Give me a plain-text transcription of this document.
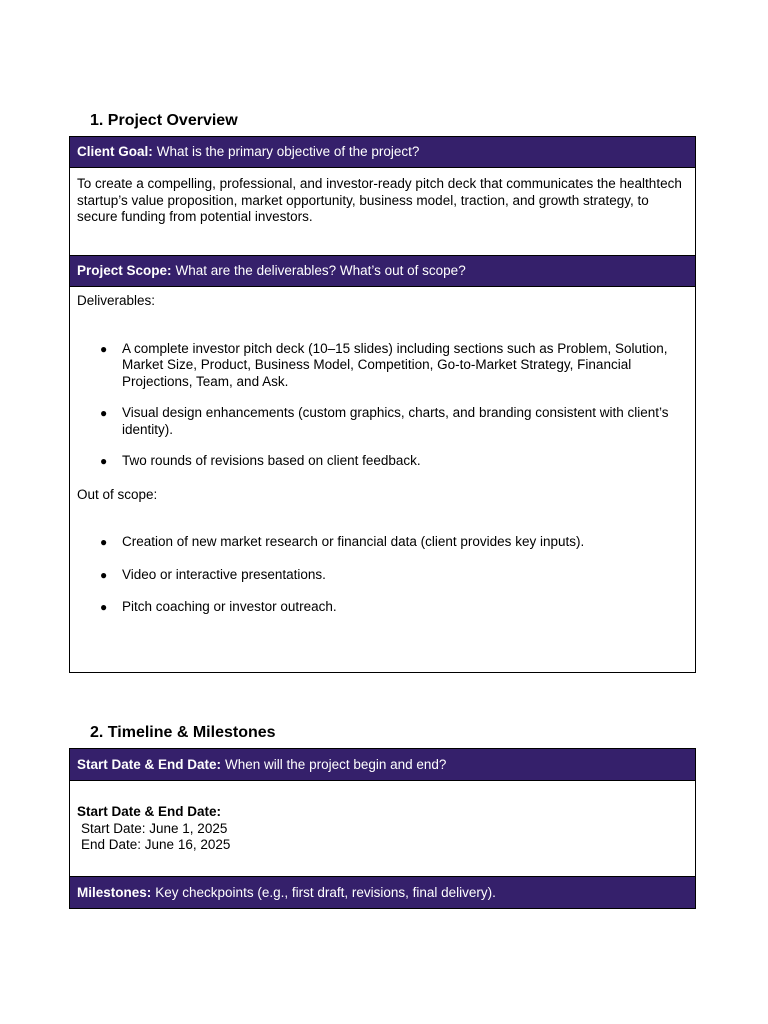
1. Project Overview
Client Goal: What is the primary objective of the project?

To create a compelling, professional, and investor-ready pitch deck that communicates the healthtech startup’s value proposition, market opportunity, business model, traction, and growth strategy, to secure funding from potential investors.

Project Scope: What are the deliverables? What’s out of scope?

Deliverables:

● A complete investor pitch deck (10–15 slides) including sections such as Problem, Solution, Market Size, Product, Business Model, Competition, Go-to-Market Strategy, Financial Projections, Team, and Ask.
● Visual design enhancements (custom graphics, charts, and branding consistent with client’s identity).
● Two rounds of revisions based on client feedback.

Out of scope:

● Creation of new market research or financial data (client provides key inputs).
● Video or interactive presentations.
● Pitch coaching or investor outreach.
2. Timeline & Milestones
Start Date & End Date: When will the project begin and end?

Start Date & End Date:

Start Date: June 1, 2025

End Date: June 16, 2025

Milestones: Key checkpoints (e.g., first draft, revisions, final delivery).
